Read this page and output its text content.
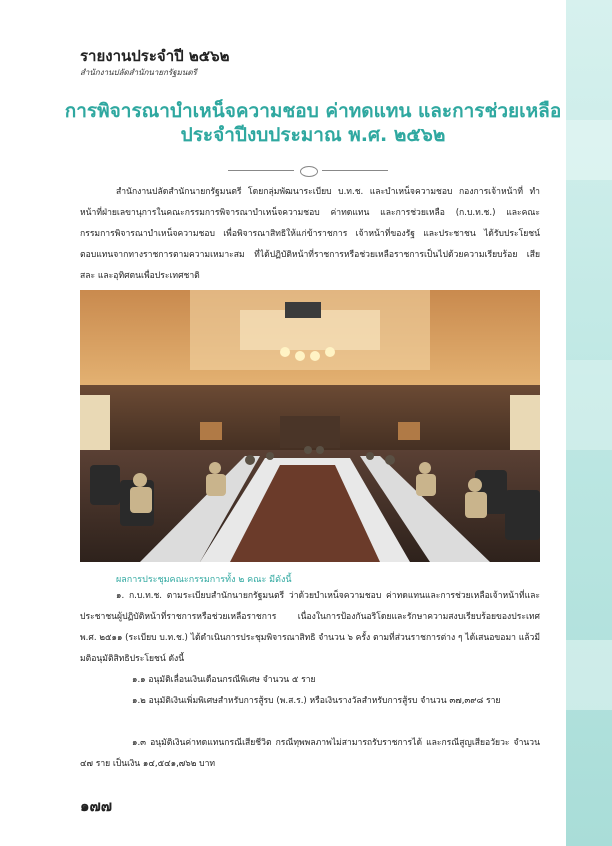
รายงานประจำปี ๒๕๖๒
สำนักงานปลัดสำนักนายกรัฐมนตรี
การพิจารณาบำเหน็จความชอบ ค่าทดแทน และการช่วยเหลือ
ประจำปีงบประมาณ พ.ศ. ๒๕๖๒
สำนักงานปลัดสำนักนายกรัฐมนตรี โดยกลุ่มพัฒนาระเบียบ บ.ท.ช. และบำเหน็จความชอบ กองการเจ้าหน้าที่ ทำหน้าที่ฝ่ายเลขานุการในคณะกรรมการพิจารณาบำเหน็จความชอบ ค่าทดแทน และการช่วยเหลือ (ก.บ.ท.ช.) และคณะกรรมการพิจารณาบำเหน็จความชอบ เพื่อพิจารณาสิทธิให้แก่ข้าราชการ เจ้าหน้าที่ของรัฐ และประชาชน ได้รับประโยชน์ตอบแทนจากทางราชการตามความเหมาะสม ที่ได้ปฏิบัติหน้าที่ราชการหรือช่วยเหลือราชการเป็นไปด้วยความเรียบร้อย เสียสละ และอุทิศตนเพื่อประเทศชาติ
ผลการประชุมคณะกรรมการทั้ง ๒ คณะ มีดังนี้
๑. ก.บ.ท.ช. ตามระเบียบสำนักนายกรัฐมนตรี ว่าด้วยบำเหน็จความชอบ ค่าทดแทนและการช่วยเหลือเจ้าหน้าที่และประชาชนผู้ปฏิบัติหน้าที่ราชการหรือช่วยเหลือราชการ เนื่องในการป้องกันอริโดยและรักษาความสงบเรียบร้อยของประเทศ พ.ศ. ๒๕๑๑ (ระเบียบ บ.ท.ช.) ได้ดำเนินการประชุมพิจารณาสิทธิ จำนวน ๖ ครั้ง ตามที่ส่วนราชการต่าง ๆ ได้เสนอขอมา แล้วมีมติอนุมัติสิทธิประโยชน์ ดังนี้
๑.๑ อนุมัติเลื่อนเงินเดือนกรณีพิเศษ จำนวน ๕ ราย
๑.๒ อนุมัติเงินเพิ่มพิเศษสำหรับการสู้รบ (พ.ส.ร.) หรือเงินรางวัลสำหรับการสู้รบ จำนวน ๓๗,๓๙๘ ราย
๑.๓ อนุมัติเงินค่าทดแทนกรณีเสียชีวิต กรณีทุพพลภาพไม่สามารถรับราชการได้ และกรณีสูญเสียอวัยวะ จำนวน ๔๗ ราย เป็นเงิน ๑๔,๕๔๑,๗๖๒ บาท
๑๗๗
